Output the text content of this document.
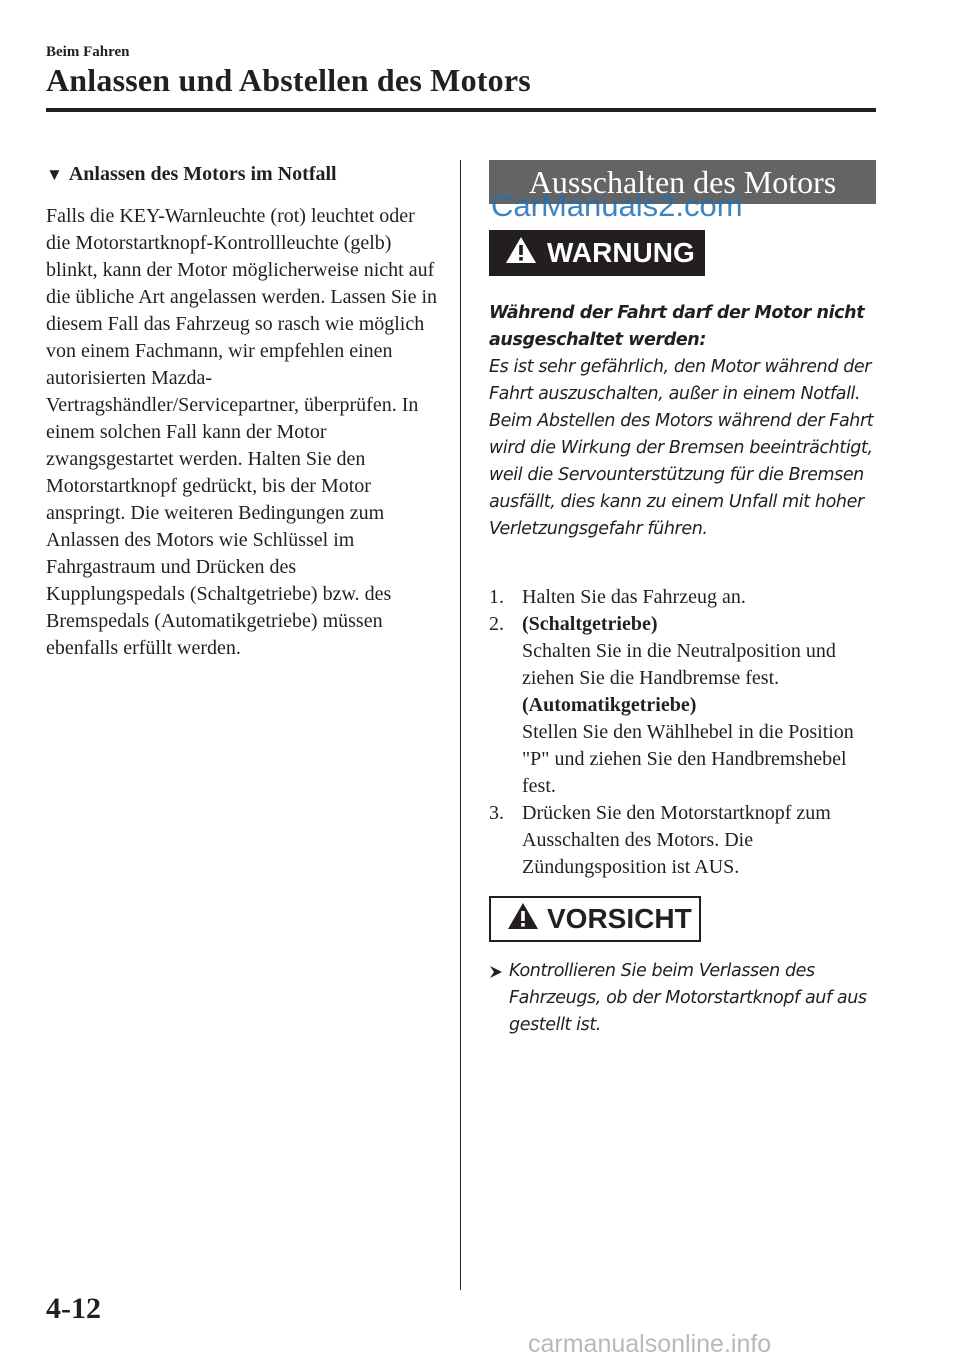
Beim Fahren
Anlassen und Abstellen des Motors
▼ Anlassen des Motors im Notfall

Falls die KEY-Warnleuchte (rot) leuchtet oder die Motorstartknopf-Kontrollleuchte (gelb) blinkt, kann der Motor möglicherweise nicht auf die übliche Art angelassen werden. Lassen Sie in diesem Fall das Fahrzeug so rasch wie möglich von einem Fachmann, wir empfehlen einen autorisierten Mazda-Vertragshändler/Servicepartner, überprüfen. In einem solchen Fall kann der Motor zwangsgestartet werden. Halten Sie den Motorstartknopf gedrückt, bis der Motor anspringt. Die weiteren Bedingungen zum Anlassen des Motors wie Schlüssel im Fahrgastraum und Drücken des Kupplungspedals (Schaltgetriebe) bzw. des Bremspedals (Automatikgetriebe) müssen ebenfalls erfüllt werden.

Ausschalten des Motors
CarManuals2.com
WARNUNG

Während der Fahrt darf der Motor nicht ausgeschaltet werden:

Es ist sehr gefährlich, den Motor während der Fahrt auszuschalten, außer in einem Notfall. Beim Abstellen des Motors während der Fahrt wird die Wirkung der Bremsen beeinträchtigt, weil die Servounterstützung für die Bremsen ausfällt, dies kann zu einem Unfall mit hoher Verletzungsgefahr führen.

1. Halten Sie das Fahrzeug an.
2. (Schaltgetriebe)
Schalten Sie in die Neutralposition und ziehen Sie die Handbremse fest.
(Automatikgetriebe)
Stellen Sie den Wählhebel in die Position "P" und ziehen Sie den Handbremshebel fest.
3. Drücken Sie den Motorstartknopf zum Ausschalten des Motors. Die Zündungsposition ist AUS.
VORSICHT
Kontrollieren Sie beim Verlassen des Fahrzeugs, ob der Motorstartknopf auf aus gestellt ist.
4-12
carmanualsonline.info
